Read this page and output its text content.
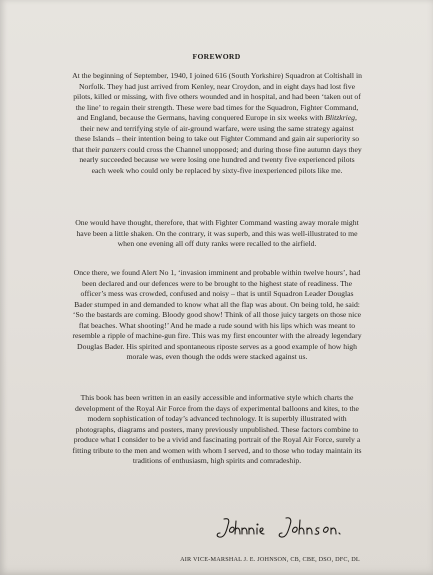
FOREWORD

At the beginning of September, 1940, I joined 616 (South Yorkshire) Squadron at Coltishall in Norfolk. They had just arrived from Kenley, near Croydon, and in eight days had lost five pilots, killed or missing, with five others wounded and in hospital, and had been ‘taken out of the line’ to regain their strength. These were bad times for the Squadron, Fighter Command, and England, because the Germans, having conquered Europe in six weeks with Blitzkrieg, their new and terrifying style of air-ground warfare, were using the same strategy against these Islands – their intention being to take out Fighter Command and gain air superiority so that their panzers could cross the Channel unopposed; and during those fine autumn days they nearly succeeded because we were losing one hundred and twenty five experienced pilots each week who could only be replaced by sixty-five inexperienced pilots like me.

One would have thought, therefore, that with Fighter Command wasting away morale might have been a little shaken. On the contrary, it was superb, and this was well-illustrated to me when one evening all off duty ranks were recalled to the airfield.

Once there, we found Alert No 1, ‘invasion imminent and probable within twelve hours’, had been declared and our defences were to be brought to the highest state of readiness. The officer’s mess was crowded, confused and noisy – that is until Squadron Leader Douglas Bader stumped in and demanded to know what all the flap was about. On being told, he said: ‘So the bastards are coming. Bloody good show! Think of all those juicy targets on those nice flat beaches. What shooting!’ And he made a rude sound with his lips which was meant to resemble a ripple of machine-gun fire. This was my first encounter with the already legendary Douglas Bader. His spirited and spontaneous riposte serves as a good example of how high morale was, even though the odds were stacked against us.

This book has been written in an easily accessible and informative style which charts the development of the Royal Air Force from the days of experimental balloons and kites, to the modern sophistication of today’s advanced technology. It is superbly illustrated with photographs, diagrams and posters, many previously unpublished. These factors combine to produce what I consider to be a vivid and fascinating portrait of the Royal Air Force, surely a fitting tribute to the men and women with whom I served, and to those who today maintain its traditions of enthusiasm, high spirits and comradeship.

AIR VICE-MARSHAL J. E. JOHNSON, CB, CBE, DSO, DFC, DL
